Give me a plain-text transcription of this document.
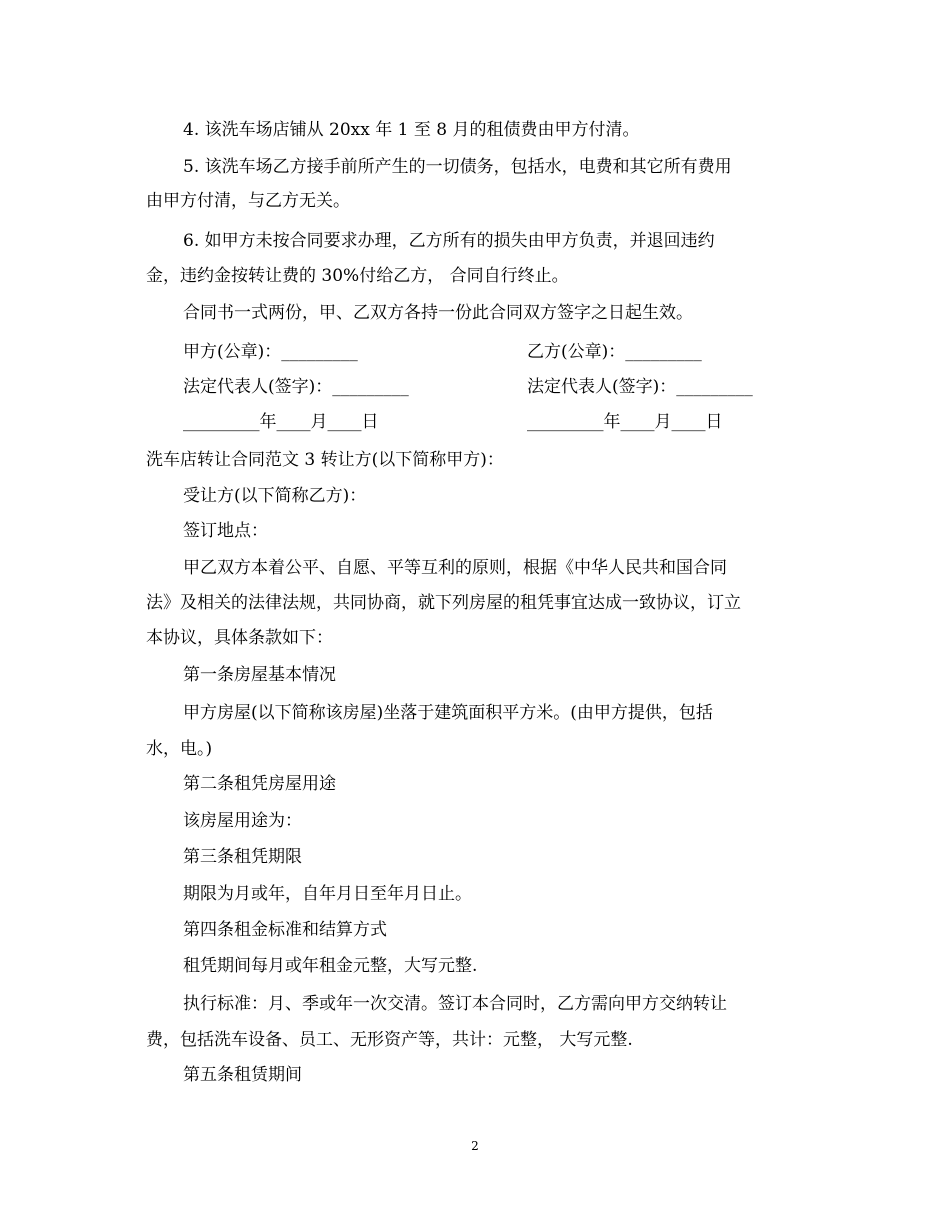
4. 该洗车场店铺从 20xx 年 1 至 8 月的租债费由甲方付清。
5. 该洗车场乙方接手前所产生的一切债务，包括水，电费和其它所有费用
由甲方付清，与乙方无关。
6. 如甲方未按合同要求办理，乙方所有的损失由甲方负责，并退回违约
金，违约金按转让费的 30%付给乙方， 合同自行终止。
合同书一式两份，甲、乙双方各持一份此合同双方签字之日起生效。
甲方(公章)：_________	乙方(公章)：_________
法定代表人(签字)：_________	法定代表人(签字)：_________
_________年____月____日	_________年____月____日
洗车店转让合同范文 3 转让方(以下简称甲方)：
受让方(以下简称乙方)：
签订地点：
甲乙双方本着公平、自愿、平等互利的原则，根据《中华人民共和国合同
法》及相关的法律法规，共同协商，就下列房屋的租凭事宜达成一致协议，订立
本协议，具体条款如下：
第一条房屋基本情况
甲方房屋(以下简称该房屋)坐落于建筑面积平方米。(由甲方提供，包括
水，电。)
第二条租凭房屋用途
该房屋用途为：
第三条租凭期限
期限为月或年，自年月日至年月日止。
第四条租金标准和结算方式
租凭期间每月或年租金元整，大写元整.
执行标准：月、季或年一次交清。签订本合同时，乙方需向甲方交纳转让
费，包括洗车设备、员工、无形资产等，共计：元整， 大写元整.
第五条租赁期间
2
